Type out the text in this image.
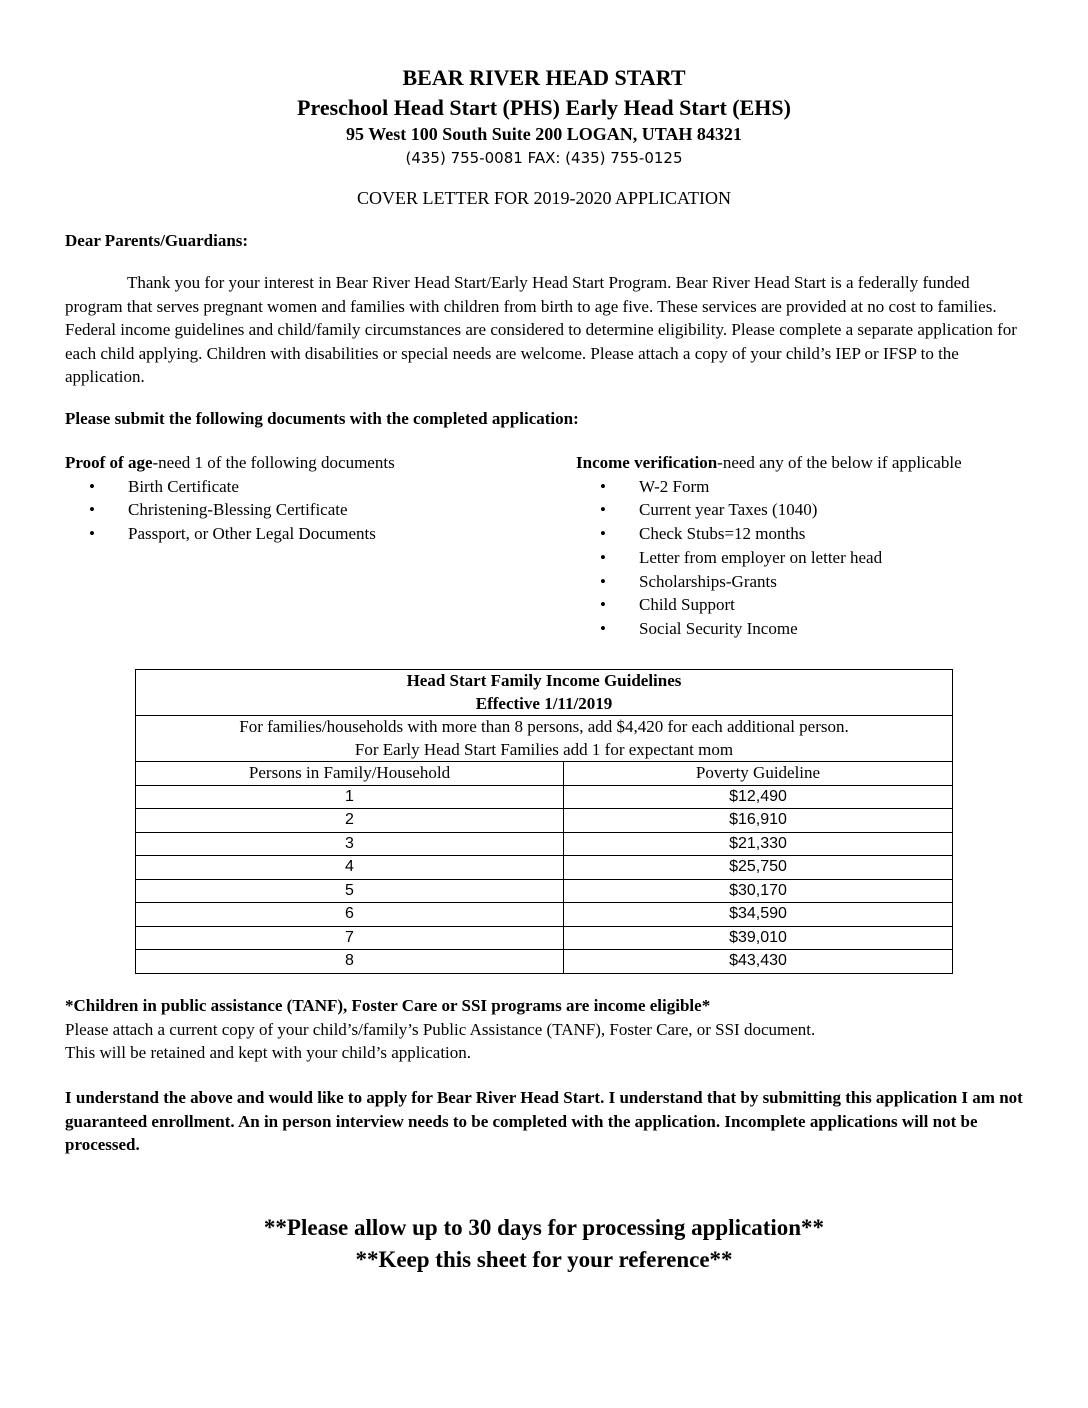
BEAR RIVER HEAD START
Preschool Head Start (PHS) Early Head Start (EHS)
95 West 100 South Suite 200 LOGAN, UTAH 84321
(435) 755-0081 FAX: (435) 755-0125
COVER LETTER FOR 2019-2020 APPLICATION
Dear Parents/Guardians:
Thank you for your interest in Bear River Head Start/Early Head Start Program. Bear River Head Start is a federally funded program that serves pregnant women and families with children from birth to age five. These services are provided at no cost to families. Federal income guidelines and child/family circumstances are considered to determine eligibility. Please complete a separate application for each child applying. Children with disabilities or special needs are welcome. Please attach a copy of your child’s IEP or IFSP to the application.
Please submit the following documents with the completed application:
Proof of age-need 1 of the following documents
• Birth Certificate
• Christening-Blessing Certificate
• Passport, or Other Legal Documents
Income verification-need any of the below if applicable
• W-2 Form
• Current year Taxes (1040)
• Check Stubs=12 months
• Letter from employer on letter head
• Scholarships-Grants
• Child Support
• Social Security Income
Head Start Family Income Guidelines
Effective 1/11/2019	

For families/households with more than 8 persons, add $4,420 for each additional person.
For Early Head Start Families add 1 for expectant mom	

Persons in Family/Household	Poverty Guideline
1	$12,490
2	$16,910
3	$21,330
4	$25,750
5	$30,170
6	$34,590
7	$39,010
8	$43,430
*Children in public assistance (TANF), Foster Care or SSI programs are income eligible*
Please attach a current copy of your child’s/family’s Public Assistance (TANF), Foster Care, or SSI document.
This will be retained and kept with your child’s application.
I understand the above and would like to apply for Bear River Head Start. I understand that by submitting this application I am not guaranteed enrollment. An in person interview needs to be completed with the application. Incomplete applications will not be processed.
**Please allow up to 30 days for processing application**
**Keep this sheet for your reference**
